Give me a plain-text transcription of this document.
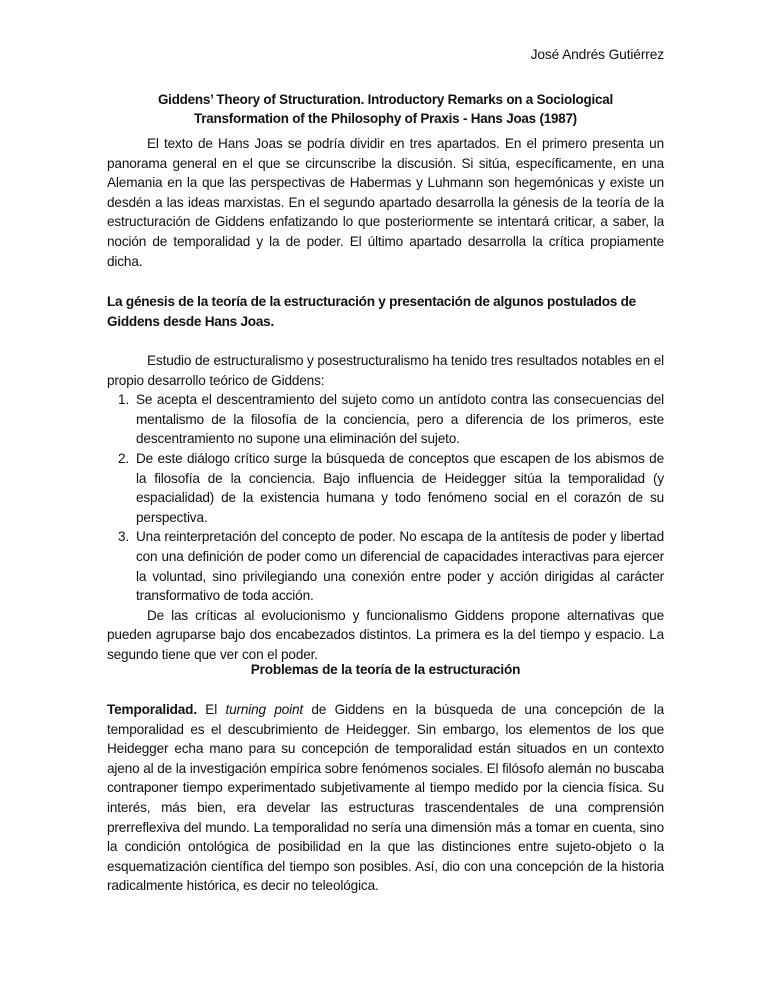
José Andrés Gutiérrez
Giddens’ Theory of Structuration. Introductory Remarks on a Sociological
Transformation of the Philosophy of Praxis - Hans Joas (1987)

El texto de Hans Joas se podría dividir en tres apartados. En el primero presenta un panorama general en el que se circunscribe la discusión. Si sitúa, específicamente, en una Alemania en la que las perspectivas de Habermas y Luhmann son hegemónicas y existe un desdén a las ideas marxistas. En el segundo apartado desarrolla la génesis de la teoría de la estructuración de Giddens enfatizando lo que posteriormente se intentará criticar, a saber, la noción de temporalidad y la de poder. El último apartado desarrolla la crítica propiamente dicha.

La génesis de la teoría de la estructuración y presentación de algunos postulados de Giddens desde Hans Joas.

Estudio de estructuralismo y posestructuralismo ha tenido tres resultados notables en el propio desarrollo teórico de Giddens:

1. Se acepta el descentramiento del sujeto como un antídoto contra las consecuencias del mentalismo de la filosofía de la conciencia, pero a diferencia de los primeros, este descentramiento no supone una eliminación del sujeto.
2. De este diálogo crítico surge la búsqueda de conceptos que escapen de los abismos de la filosofía de la conciencia. Bajo influencia de Heidegger sitúa la temporalidad (y espacialidad) de la existencia humana y todo fenómeno social en el corazón de su perspectiva.
3. Una reinterpretación del concepto de poder. No escapa de la antítesis de poder y libertad con una definición de poder como un diferencial de capacidades interactivas para ejercer la voluntad, sino privilegiando una conexión entre poder y acción dirigidas al carácter transformativo de toda acción.

De las críticas al evolucionismo y funcionalismo Giddens propone alternativas que pueden agruparse bajo dos encabezados distintos. La primera es la del tiempo y espacio. La segundo tiene que ver con el poder.

Problemas de la teoría de la estructuración

Temporalidad. El turning point de Giddens en la búsqueda de una concepción de la temporalidad es el descubrimiento de Heidegger. Sin embargo, los elementos de los que Heidegger echa mano para su concepción de temporalidad están situados en un contexto ajeno al de la investigación empírica sobre fenómenos sociales. El filósofo alemán no buscaba contraponer tiempo experimentado subjetivamente al tiempo medido por la ciencia física. Su interés, más bien, era develar las estructuras trascendentales de una comprensión prerreflexiva del mundo. La temporalidad no sería una dimensión más a tomar en cuenta, sino la condición ontológica de posibilidad en la que las distinciones entre sujeto-objeto o la esquematización científica del tiempo son posibles. Así, dio con una concepción de la historia radicalmente histórica, es decir no teleológica.
